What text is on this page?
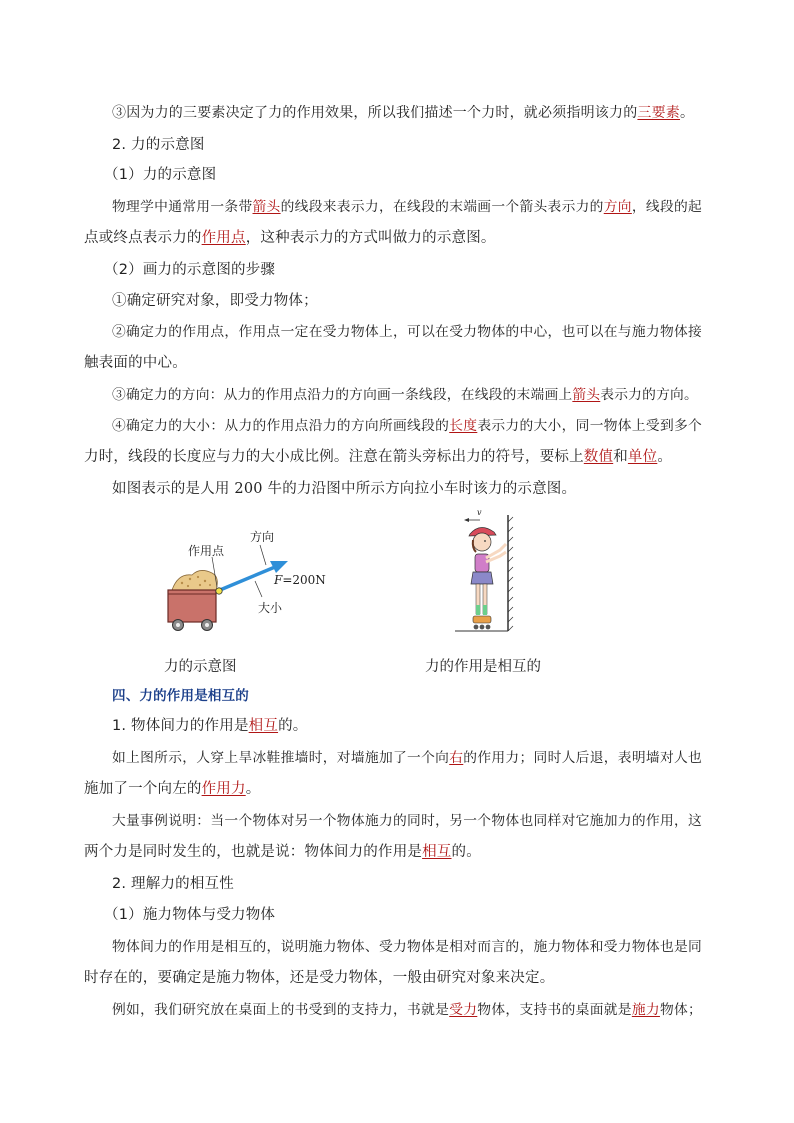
③因为力的三要素决定了力的作用效果，所以我们描述一个力时，就必须指明该力的三要素。
2. 力的示意图
（1）力的示意图
物理学中通常用一条带箭头的线段来表示力，在线段的末端画一个箭头表示力的方向，线段的起
点或终点表示力的作用点，这种表示力的方式叫做力的示意图。
（2）画力的示意图的步骤
①确定研究对象，即受力物体；
②确定力的作用点，作用点一定在受力物体上，可以在受力物体的中心，也可以在与施力物体接
触表面的中心。
③确定力的方向：从力的作用点沿力的方向画一条线段，在线段的末端画上箭头表示力的方向。
④确定力的大小：从力的作用点沿力的方向所画线段的长度表示力的大小，同一物体上受到多个
力时，线段的长度应与力的大小成比例。注意在箭头旁标出力的符号，要标上数值和单位。
如图表示的是人用 200 牛的力沿图中所示方向拉小车时该力的示意图。
作用点
方向
F=200N
大小
v
力的示意图	力的作用是相互的
四、力的作用是相互的
1. 物体间力的作用是相互的。
如上图所示，人穿上旱冰鞋推墙时，对墙施加了一个向右的作用力；同时人后退，表明墙对人也
施加了一个向左的作用力。
大量事例说明：当一个物体对另一个物体施力的同时，另一个物体也同样对它施加力的作用，这
两个力是同时发生的，也就是说：物体间力的作用是相互的。
2. 理解力的相互性
（1）施力物体与受力物体
物体间力的作用是相互的，说明施力物体、受力物体是相对而言的，施力物体和受力物体也是同
时存在的，要确定是施力物体，还是受力物体，一般由研究对象来决定。
例如，我们研究放在桌面上的书受到的支持力，书就是受力物体，支持书的桌面就是施力物体；
